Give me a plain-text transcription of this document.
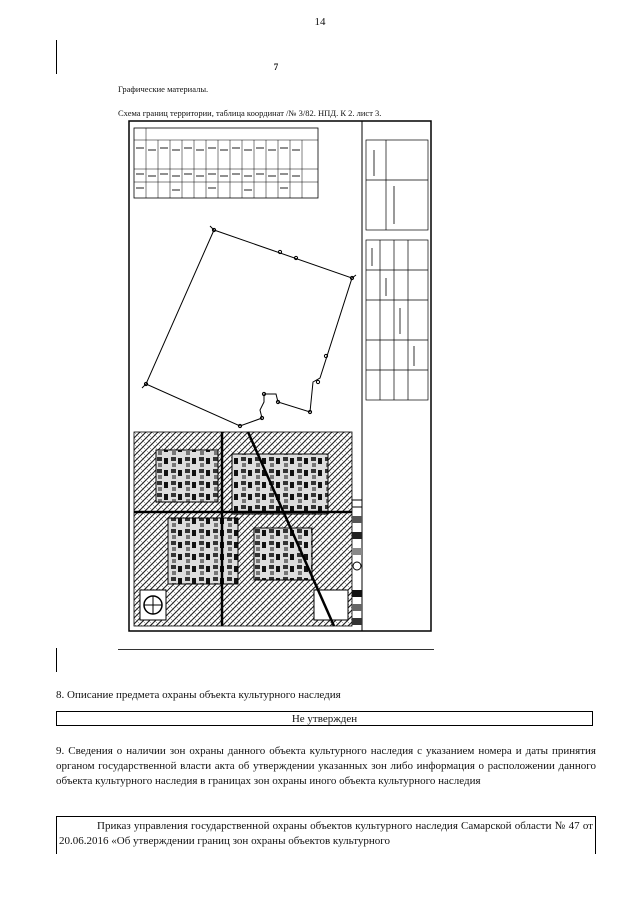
14
7
Графические материалы.
Схема границ территории, таблица координат /№ 3/82. НПД. К 2. лист 3.
8. Описание предмета охраны объекта культурного наследия
Не утвержден
9. Сведения о наличии зон охраны данного объекта культурного наследия с указанием номера и даты принятия органом государственной власти акта об утверждении указанных зон либо информация о расположении данного объекта культурного наследия в границах зон охраны иного объекта культурного наследия
Приказ управления государственной охраны объектов культурного наследия Самарской области № 47 от 20.06.2016 «Об утверждении границ зон охраны объектов культурного
